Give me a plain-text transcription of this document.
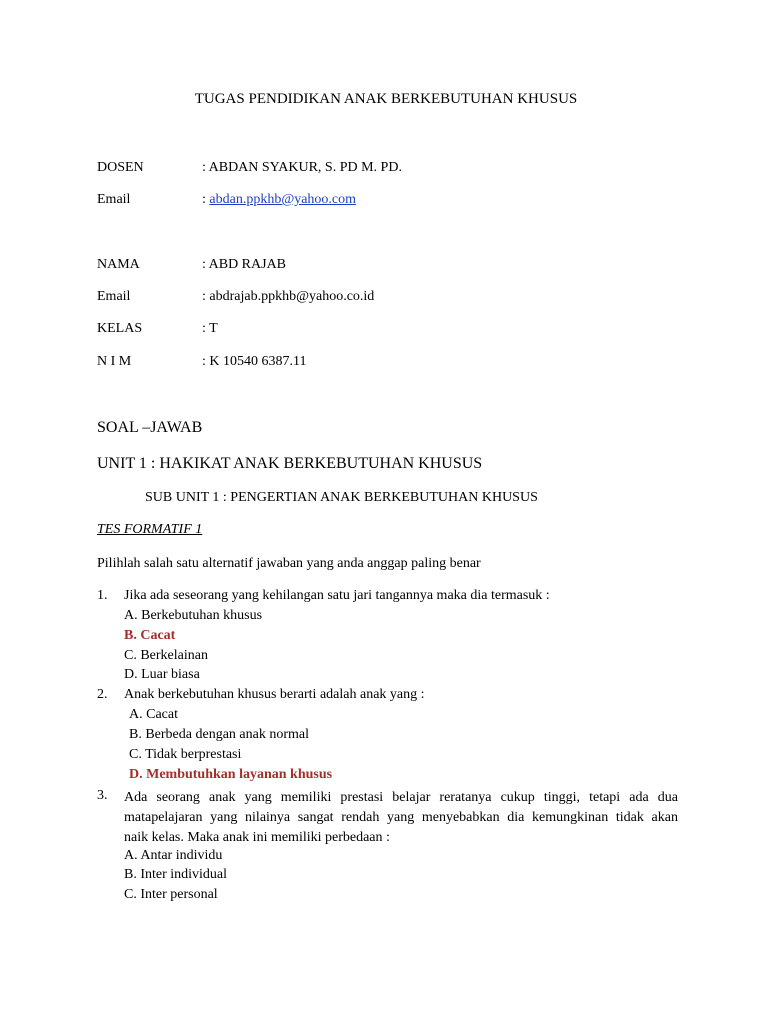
TUGAS PENDIDIKAN ANAK BERKEBUTUHAN KHUSUS
DOSEN	: ABDAN SYAKUR, S. PD M. PD.
Email	: abdan.ppkhb@yahoo.com
NAMA	: ABD RAJAB
Email	: abdrajab.ppkhb@yahoo.co.id
KELAS	: T
N I M	: K 10540 6387.11
SOAL –JAWAB
UNIT 1 : HAKIKAT ANAK BERKEBUTUHAN KHUSUS
SUB UNIT 1 : PENGERTIAN ANAK BERKEBUTUHAN KHUSUS
TES FORMATIF 1
Pilihlah salah satu alternatif jawaban yang anda anggap paling benar
1. Jika ada seseorang yang kehilangan satu jari tangannya maka dia termasuk :
A. Berkebutuhan khusus
B. Cacat
C. Berkelainan
D. Luar biasa
2. Anak berkebutuhan khusus berarti adalah anak yang :
A. Cacat
B. Berbeda dengan anak normal
C. Tidak berprestasi
D. Membutuhkan layanan khusus
3. Ada seorang anak yang memiliki prestasi belajar reratanya cukup tinggi, tetapi ada dua
matapelajaran yang nilainya sangat rendah yang menyebabkan dia kemungkinan tidak akan
naik kelas. Maka anak ini memiliki perbedaan :
A. Antar individu
B. Inter individual
C. Inter personal
